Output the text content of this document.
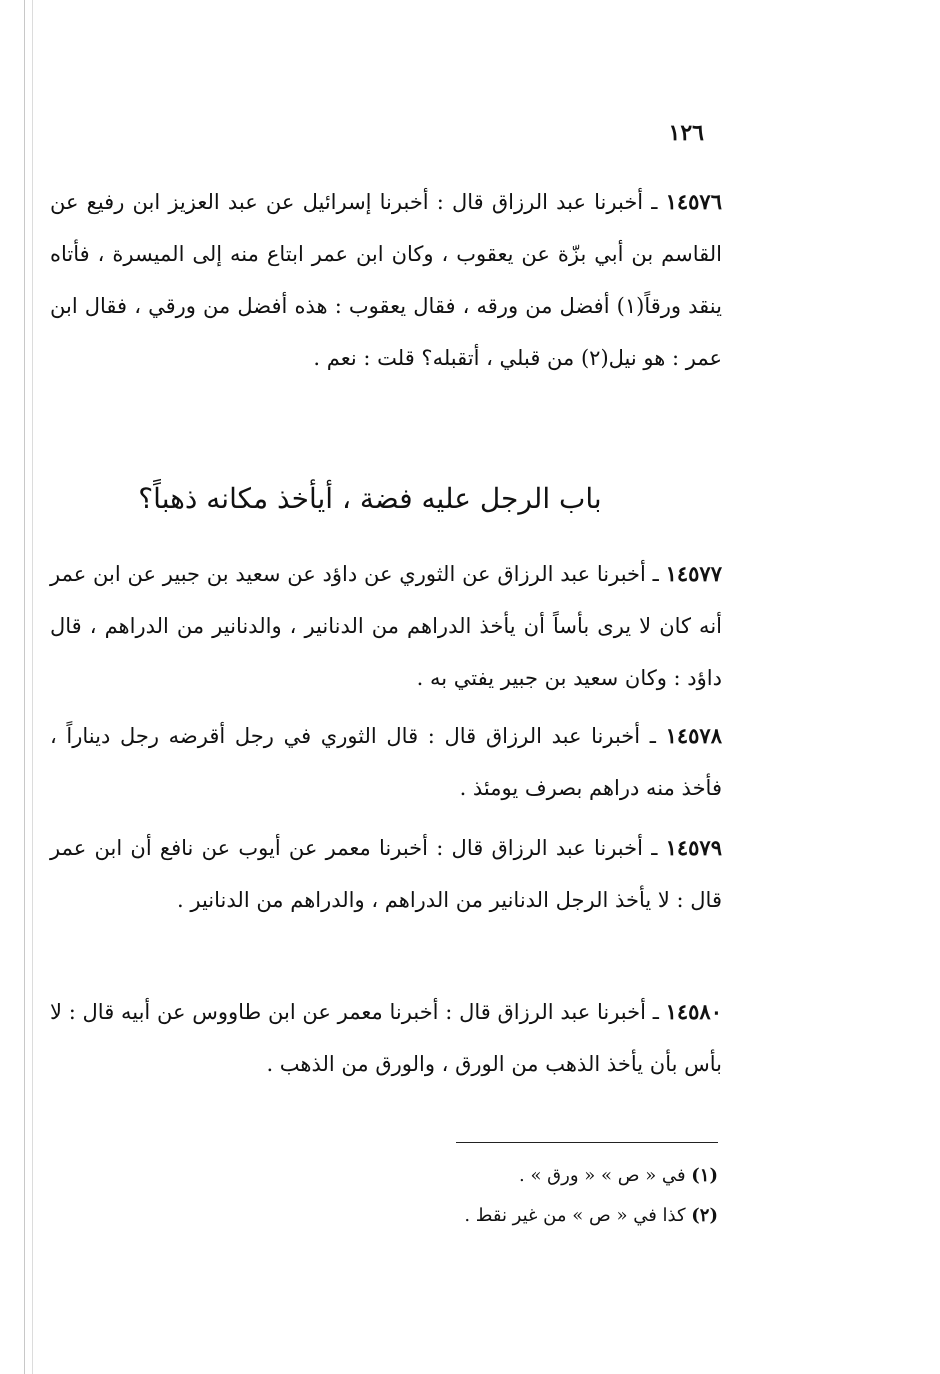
١٢٦

١٤٥٧٦ ـ أخبرنا عبد الرزاق قال : أخبرنا إسرائيل عن عبد العزيز ابن رفيع عن القاسم بن أبي بزّة عن يعقوب ، وكان ابن عمر ابتاع منه إلى الميسرة ، فأتاه ينقد ورقاً(١) أفضل من ورقه ، فقال يعقوب : هذه أفضل من ورقي ، فقال ابن عمر : هو نيل(٢) من قبلي ، أتقبله؟ قلت : نعم .

باب الرجل عليه فضة ، أيأخذ مكانه ذهباً؟

١٤٥٧٧ ـ أخبرنا عبد الرزاق عن الثوري عن داؤد عن سعيد بن جبير عن ابن عمر أنه كان لا يرى بأساً أن يأخذ الدراهم من الدنانير ، والدنانير من الدراهم ، قال داؤد : وكان سعيد بن جبير يفتي به .

١٤٥٧٨ ـ أخبرنا عبد الرزاق قال : قال الثوري في رجل أقرضه رجل ديناراً ، فأخذ منه دراهم بصرف يومئذ .

١٤٥٧٩ ـ أخبرنا عبد الرزاق قال : أخبرنا معمر عن أيوب عن نافع أن ابن عمر قال : لا يأخذ الرجل الدنانير من الدراهم ، والدراهم من الدنانير .

١٤٥٨٠ ـ أخبرنا عبد الرزاق قال : أخبرنا معمر عن ابن طاووس عن أبيه قال : لا بأس بأن يأخذ الذهب من الورق ، والورق من الذهب .

(١) في « ص » « ورق » .
(٢) كذا في « ص » من غير نقط .
